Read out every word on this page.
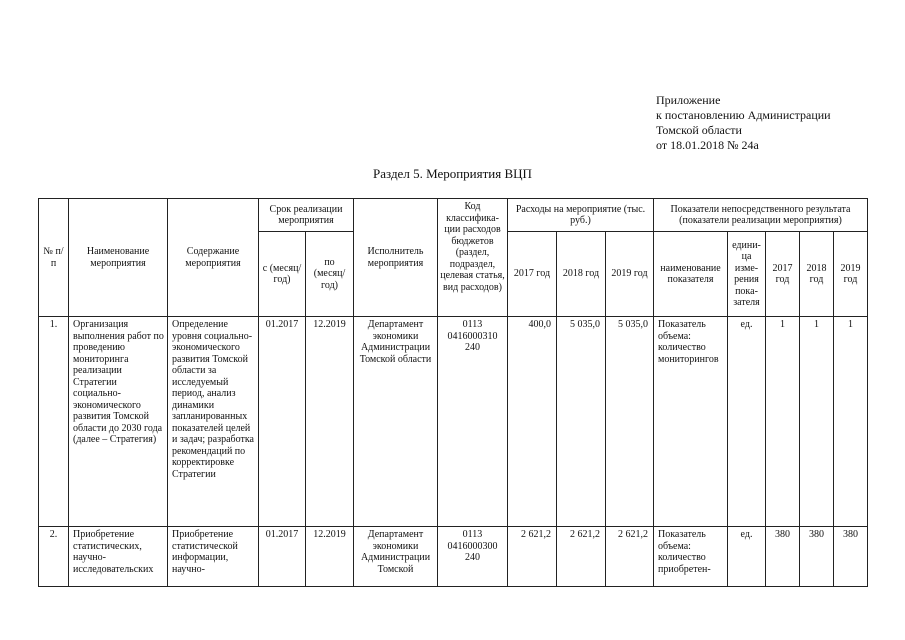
Приложение
к постановлению Администрации
Томской области
от 18.01.2018 № 24а
Раздел 5. Мероприятия ВЦП
№ п/п	Наименование мероприятия	Содержание мероприятия	Срок реализации мероприятия		Исполнитель мероприятия	Код классифика-ции расходов бюджетов (раздел, подраздел, целевая статья, вид расходов)	Расходы на мероприятие (тыс. руб.)			Показатели непосредственного результата (показатели реализации мероприятия)				
			с (месяц/ год)	по (месяц/ год)			2017 год	2018 год	2019 год	наименование показателя	едини-ца изме-рения пока-зателя	2017 год	2018 год	2019 год
1.	Организация выполнения работ по проведению мониторинга реализации Стратегии социально-экономического развития Томской области до 2030 года (далее – Стратегия)	Определение уровня социально-экономического развития Томской области за исследуемый период, анализ динамики запланированных показателей целей и задач; разработка рекомендаций по корректировке Стратегии	01.2017	12.2019	Департамент экономики Администрации Томской области	0113 0416000310 240	400,0	5 035,0	5 035,0	Показатель объема: количество мониторингов	ед.	1	1	1
2.	Приобретение статистических, научно-исследовательских	Приобретение статистической информации, научно-	01.2017	12.2019	Департамент экономики Администрации Томской	0113 0416000300 240	2 621,2	2 621,2	2 621,2	Показатель объема: количество приобретен-	ед.	380	380	380
